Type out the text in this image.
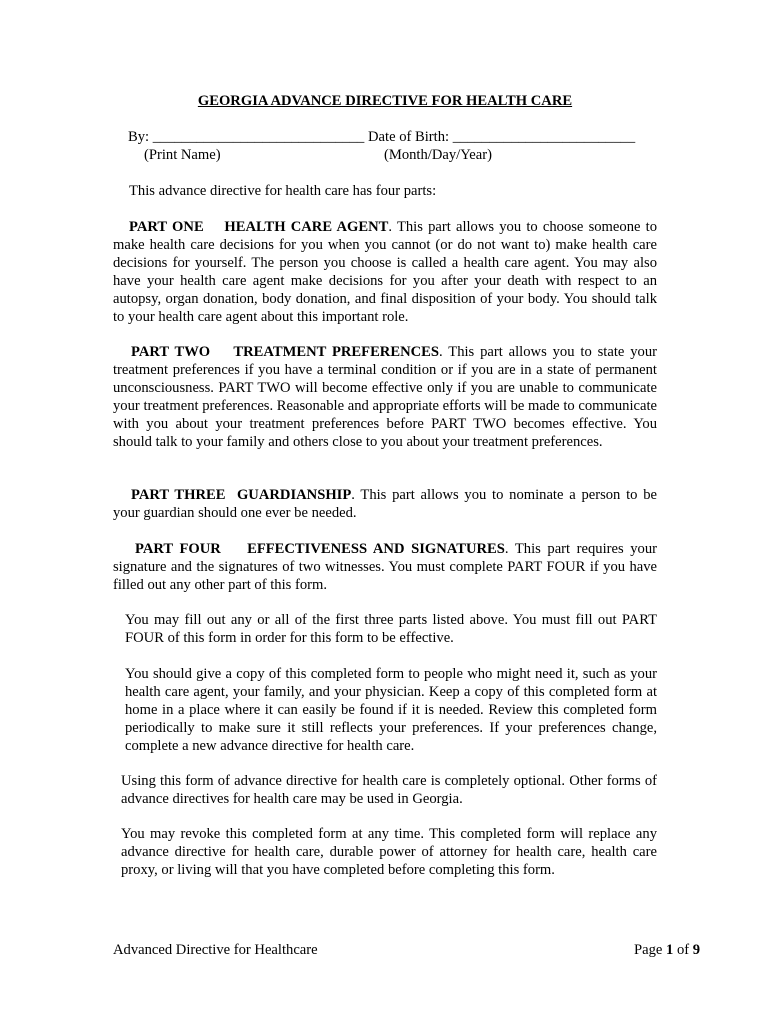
GEORGIA ADVANCE DIRECTIVE FOR HEALTH CARE
By: _____________________________ Date of Birth: _________________________
(Print Name)	(Month/Day/Year)
This advance directive for health care has four parts:
PART ONE    HEALTH CARE AGENT. This part allows you to choose someone to make health care decisions for you when you cannot (or do not want to) make health care decisions for yourself. The person you choose is called a health care agent. You may also have your health care agent make decisions for you after your death with respect to an autopsy, organ donation, body donation, and final disposition of your body. You should talk to your health care agent about this important role.
PART TWO    TREATMENT PREFERENCES. This part allows you to state your treatment preferences if you have a terminal condition or if you are in a state of permanent unconsciousness. PART TWO will become effective only if you are unable to communicate your treatment preferences. Reasonable and appropriate efforts will be made to communicate with you about your treatment preferences before PART TWO becomes effective. You should talk to your family and others close to you about your treatment preferences.
PART THREE  GUARDIANSHIP. This part allows you to nominate a person to be your guardian should one ever be needed.
PART FOUR    EFFECTIVENESS AND SIGNATURES. This part requires your signature and the signatures of two witnesses. You must complete PART FOUR if you have filled out any other part of this form.
You may fill out any or all of the first three parts listed above. You must fill out PART FOUR of this form in order for this form to be effective.
You should give a copy of this completed form to people who might need it, such as your health care agent, your family, and your physician. Keep a copy of this completed form at home in a place where it can easily be found if it is needed. Review this completed form periodically to make sure it still reflects your preferences. If your preferences change, complete a new advance directive for health care.
Using this form of advance directive for health care is completely optional. Other forms of advance directives for health care may be used in Georgia.
You may revoke this completed form at any time. This completed form will replace any advance directive for health care, durable power of attorney for health care, health care proxy, or living will that you have completed before completing this form.
Advanced Directive for Healthcare	Page 1 of 9
